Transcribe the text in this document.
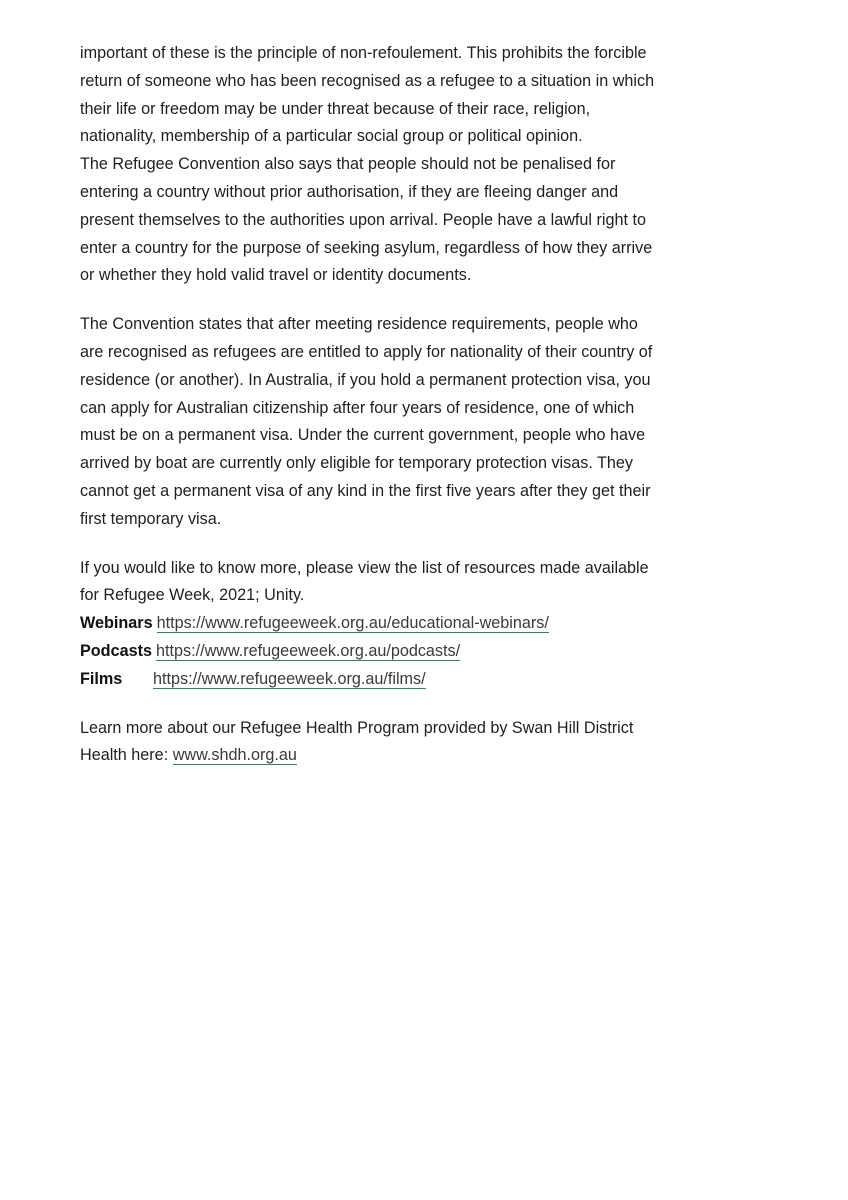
important of these is the principle of non-refoulement. This prohibits the forcible
return of someone who has been recognised as a refugee to a situation in which
their life or freedom may be under threat because of their race, religion,
nationality, membership of a particular social group or political opinion.
The Refugee Convention also says that people should not be penalised for
entering a country without prior authorisation, if they are fleeing danger and
present themselves to the authorities upon arrival. People have a lawful right to
enter a country for the purpose of seeking asylum, regardless of how they arrive
or whether they hold valid travel or identity documents.

The Convention states that after meeting residence requirements, people who
are recognised as refugees are entitled to apply for nationality of their country of
residence (or another). In Australia, if you hold a permanent protection visa, you
can apply for Australian citizenship after four years of residence, one of which
must be on a permanent visa. Under the current government, people who have
arrived by boat are currently only eligible for temporary protection visas. They
cannot get a permanent visa of any kind in the first five years after they get their
first temporary visa.

If you would like to know more, please view the list of resources made available
for Refugee Week, 2021; Unity.

Webinars https://www.refugeeweek.org.au/educational-webinars/
Podcasts https://www.refugeeweek.org.au/podcasts/
Films	https://www.refugeeweek.org.au/films/

Learn more about our Refugee Health Program provided by Swan Hill District
Health here: www.shdh.org.au
